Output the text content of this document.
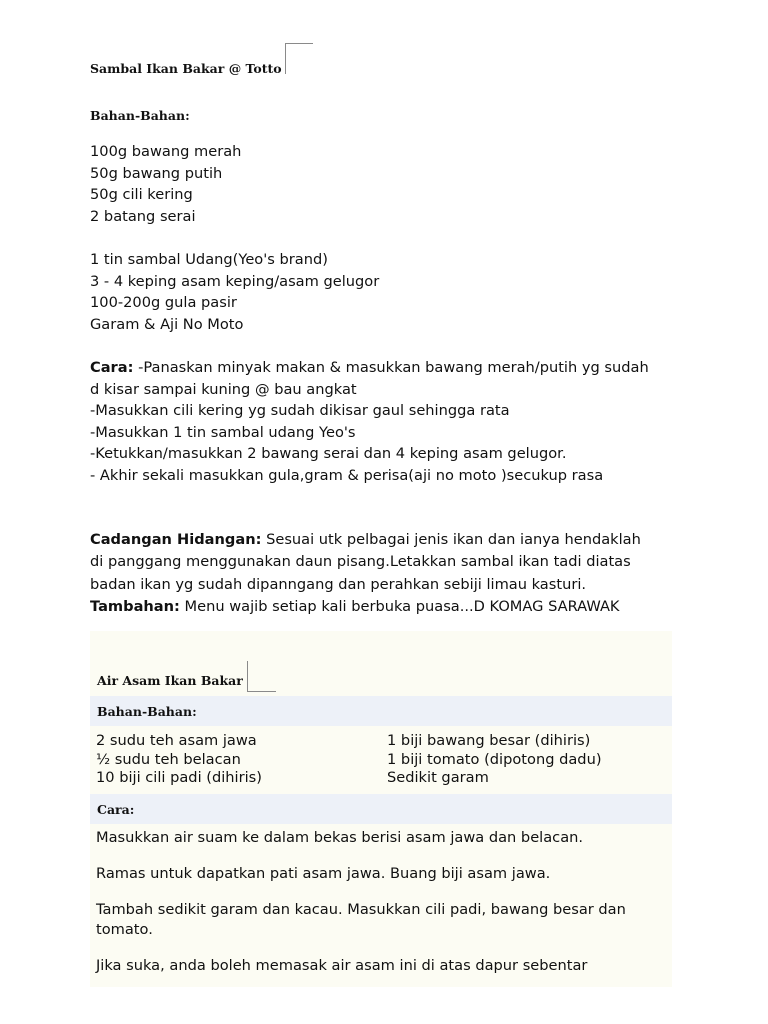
Sambal Ikan Bakar @ Totto
Bahan-Bahan:
100g bawang merah
50g bawang putih
50g cili kering
2 batang serai
1 tin sambal Udang(Yeo's brand)
3 - 4 keping asam keping/asam gelugor
100-200g gula pasir
Garam & Aji No Moto
Cara: -Panaskan minyak makan & masukkan bawang merah/putih yg sudah
d kisar sampai kuning @ bau angkat
-Masukkan cili kering yg sudah dikisar gaul sehingga rata
-Masukkan 1 tin sambal udang Yeo's
-Ketukkan/masukkan 2 bawang serai dan 4 keping asam gelugor.
- Akhir sekali masukkan gula,gram & perisa(aji no moto )secukup rasa
Cadangan Hidangan: Sesuai utk pelbagai jenis ikan dan ianya hendaklah
di panggang menggunakan daun pisang.Letakkan sambal ikan tadi diatas
badan ikan yg sudah dipanngang dan perahkan sebiji limau kasturi.
Tambahan: Menu wajib setiap kali berbuka puasa...D KOMAG SARAWAK
Air Asam Ikan Bakar
Bahan-Bahan:
2 sudu teh asam jawa	1 biji bawang besar (dihiris)
½ sudu teh belacan	1 biji tomato (dipotong dadu)
10 biji cili padi (dihiris)	Sedikit garam
Cara:

Masukkan air suam ke dalam bekas berisi asam jawa dan belacan.

Ramas untuk dapatkan pati asam jawa. Buang biji asam jawa.

Tambah sedikit garam dan kacau. Masukkan cili padi, bawang besar dan tomato.

Jika suka, anda boleh memasak air asam ini di atas dapur sebentar
